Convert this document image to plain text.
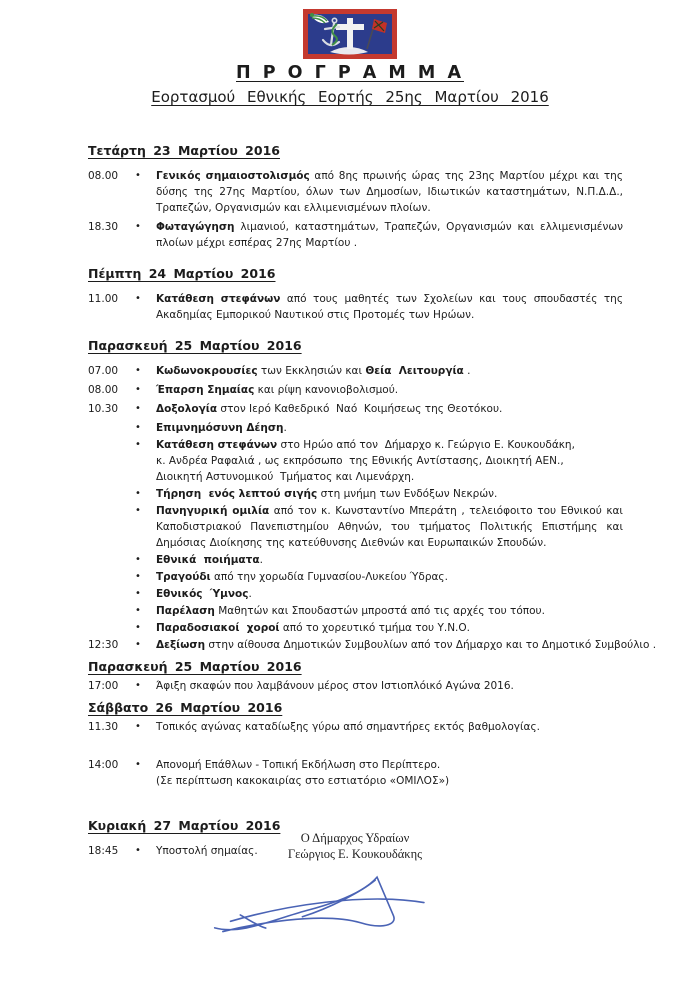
Π Ρ Ο Γ Ρ Α Μ Μ Α
Εορτασμού Εθνικής Εορτής 25ης Μαρτίου 2016
Τετάρτη 23 Μαρτίου 2016
08.00	•	Γενικός σημαιοστολισμός από 8ης πρωινής ώρας της 23ης Μαρτίου μέχρι και της δύσης της 27ης Μαρτίου, όλων των Δημοσίων, Ιδιωτικών καταστημάτων, Ν.Π.Δ.Δ., Τραπεζών, Οργανισμών και ελλιμενισμένων πλοίων.
18.30	•	Φωταγώγηση λιμανιού, καταστημάτων, Τραπεζών, Οργανισμών και ελλιμενισμένων πλοίων μέχρι εσπέρας 27ης Μαρτίου .
Πέμπτη 24 Μαρτίου 2016
11.00	•	Κατάθεση στεφάνων από τους μαθητές των Σχολείων και τους σπουδαστές της Ακαδημίας Εμπορικού Ναυτικού στις Προτομές των Ηρώων.
Παρασκευή 25 Μαρτίου 2016
07.00	•	Κωδωνοκρουσίες των Εκκλησιών και Θεία  Λειτουργία .
08.00	•	Έπαρση Σημαίας και ρίψη κανονιοβολισμού.
10.30	•	Δοξολογία στον Ιερό Καθεδρικό  Ναό  Κοιμήσεως της Θεοτόκου.
•	Επιμνημόσυνη Δέηση.
•	Κατάθεση στεφάνων στο Ηρώο από τον  Δήμαρχο κ. Γεώργιο Ε. Κουκουδάκη,
κ. Ανδρέα Ραφαλιά , ως εκπρόσωπο  της Εθνικής Αντίστασης, Διοικητή ΑΕΝ.,
Διοικητή Αστυνομικού  Τμήματος και Λιμενάρχη.
•	Τήρηση  ενός λεπτού σιγής στη μνήμη των Ενδόξων Νεκρών.
•	Πανηγυρική ομιλία από τον κ. Κωνσταντίνο Μπεράτη , τελειόφοιτο του Εθνικού και Καποδιστριακού Πανεπιστημίου Αθηνών, του τμήματος Πολιτικής Επιστήμης και Δημόσιας Διοίκησης της κατεύθυνσης Διεθνών και Ευρωπαικών Σπουδών.
•	Εθνικά  ποιήματα.
•	Τραγούδι από την χορωδία Γυμνασίου-Λυκείου Ύδρας.
•	Εθνικός  Ύμνος.
•	Παρέλαση Μαθητών και Σπουδαστών μπροστά από τις αρχές του τόπου.
•	Παραδοσιακοί  χοροί από το χορευτικό τμήμα του Υ.Ν.Ο.
12:30	•	Δεξίωση στην αίθουσα Δημοτικών Συμβουλίων από τον Δήμαρχο και το Δημοτικό Συμβούλιο .
Παρασκευή 25 Μαρτίου 2016
17:00	•	Άφιξη σκαφών που λαμβάνουν μέρος στον Ιστιοπλόικό Αγώνα 2016.
Σάββατο 26 Μαρτίου 2016
11.30	•	Τοπικός αγώνας καταδίωξης γύρω από σημαντήρες εκτός βαθμολογίας.
14:00	•	Απονομή Επάθλων - Τοπική Εκδήλωση στο Περίπτερο.
(Σε περίπτωση κακοκαιρίας στο εστιατόριο «ΟΜΙΛΟΣ»)
Κυριακή 27 Μαρτίου 2016
18:45	•	Υποστολή σημαίας.
Ο Δήμαρχος Υδραίων
Γεώργιος Ε. Κουκουδάκης
